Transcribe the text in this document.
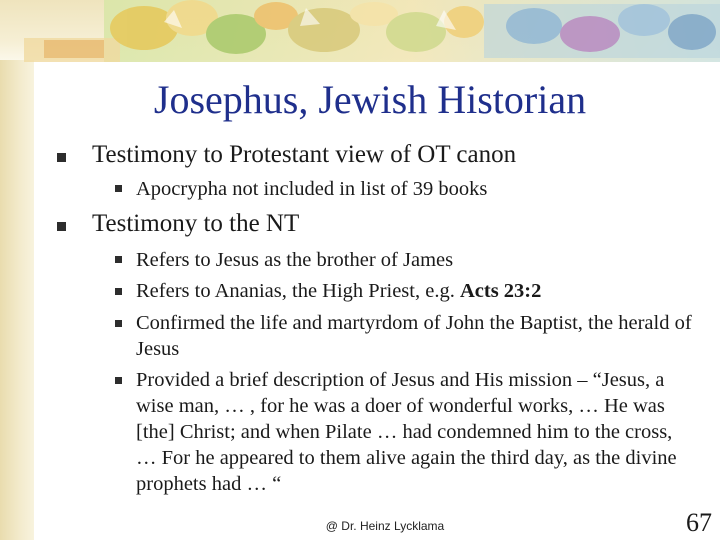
Josephus, Jewish Historian
Testimony to Protestant view of OT canon
Apocrypha not included in list of 39 books
Testimony to the NT
Refers to Jesus as the brother of James
Refers to Ananias, the High Priest, e.g. Acts 23:2
Confirmed the life and martyrdom of John the Baptist, the herald of Jesus
Provided a brief description of Jesus and His mission – “Jesus, a wise man, … , for he was a doer of wonderful works, … He was [the] Christ; and when Pilate … had condemned him to the cross, … For he appeared to them alive again the third day, as the divine prophets had … “
@ Dr. Heinz Lycklama	67
